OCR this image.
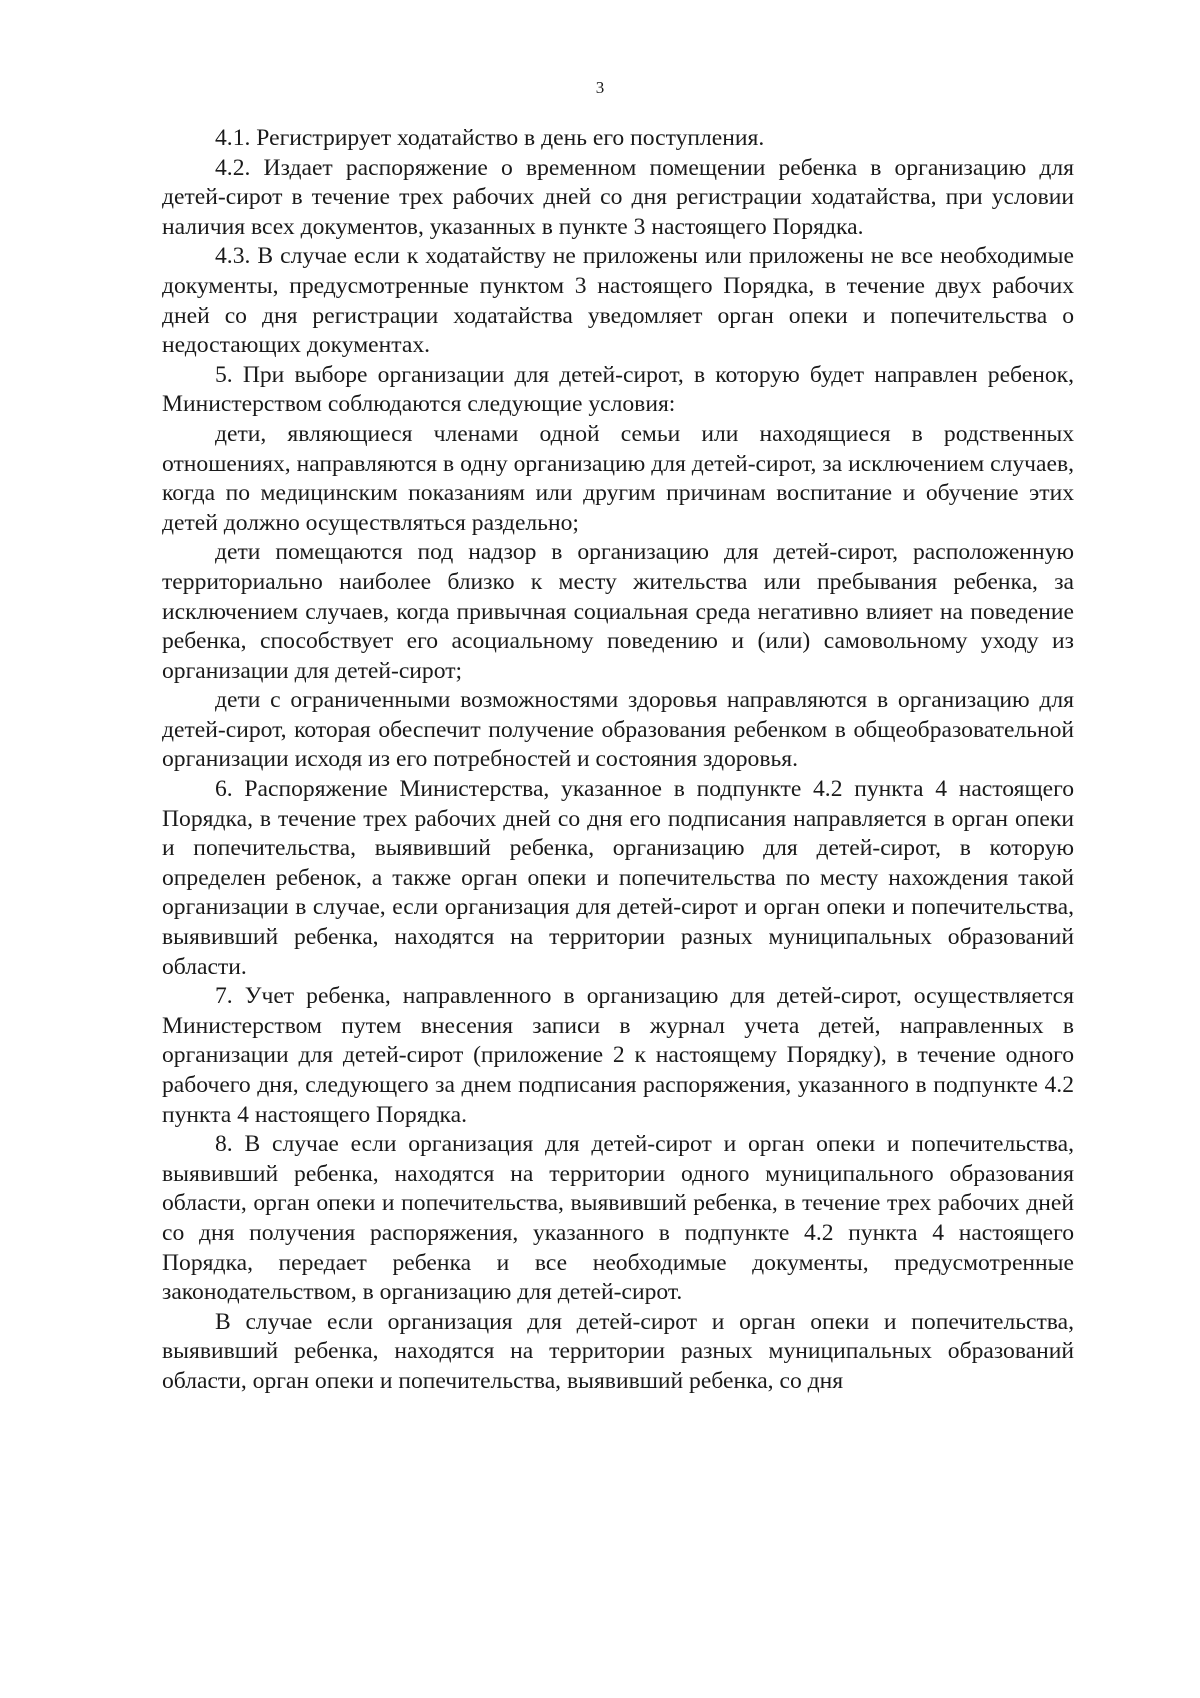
3

4.1. Регистрирует ходатайство в день его поступления.

4.2. Издает распоряжение о временном помещении ребенка в организацию для детей-сирот в течение трех рабочих дней со дня регистрации ходатайства, при условии наличия всех документов, указанных в пункте 3 настоящего Порядка.

4.3. В случае если к ходатайству не приложены или приложены не все необходимые документы, предусмотренные пунктом 3 настоящего Порядка, в течение двух рабочих дней со дня регистрации ходатайства уведомляет орган опеки и попечительства о недостающих документах.

5. При выборе организации для детей-сирот, в которую будет направлен ребенок, Министерством соблюдаются следующие условия:

дети, являющиеся членами одной семьи или находящиеся в родственных отношениях, направляются в одну организацию для детей-сирот, за исключением случаев, когда по медицинским показаниям или другим причинам воспитание и обучение этих детей должно осуществляться раздельно;

дети помещаются под надзор в организацию для детей-сирот, расположенную территориально наиболее близко к месту жительства или пребывания ребенка, за исключением случаев, когда привычная социальная среда негативно влияет на поведение ребенка, способствует его асоциальному поведению и (или) самовольному уходу из организации для детей-сирот;

дети с ограниченными возможностями здоровья направляются в организацию для детей-сирот, которая обеспечит получение образования ребенком в общеобразовательной организации исходя из его потребностей и состояния здоровья.

6. Распоряжение Министерства, указанное в подпункте 4.2 пункта 4 настоящего Порядка, в течение трех рабочих дней со дня его подписания направляется в орган опеки и попечительства, выявивший ребенка, организацию для детей-сирот, в которую определен ребенок, а также орган опеки и попечительства по месту нахождения такой организации в случае, если организация для детей-сирот и орган опеки и попечительства, выявивший ребенка, находятся на территории разных муниципальных образований области.

7. Учет ребенка, направленного в организацию для детей-сирот, осуществляется Министерством путем внесения записи в журнал учета детей, направленных в организации для детей-сирот (приложение 2 к настоящему Порядку), в течение одного рабочего дня, следующего за днем подписания распоряжения, указанного в подпункте 4.2 пункта 4 настоящего Порядка.

8. В случае если организация для детей-сирот и орган опеки и попечительства, выявивший ребенка, находятся на территории одного муниципального образования области, орган опеки и попечительства, выявивший ребенка, в течение трех рабочих дней со дня получения распоряжения, указанного в подпункте 4.2 пункта 4 настоящего Порядка, передает ребенка и все необходимые документы, предусмотренные законодательством, в организацию для детей-сирот.

В случае если организация для детей-сирот и орган опеки и попечительства, выявивший ребенка, находятся на территории разных муниципальных образований области, орган опеки и попечительства, выявивший ребенка, со дня
